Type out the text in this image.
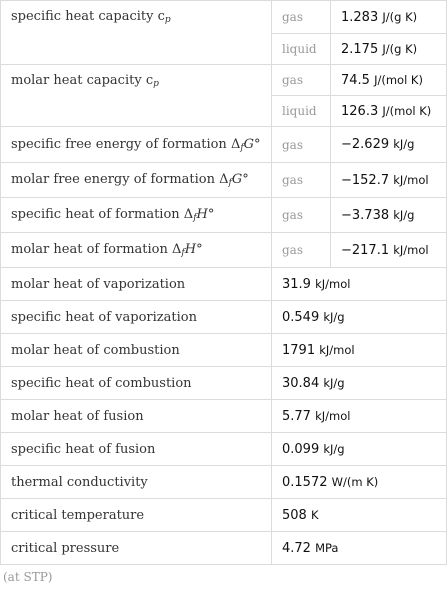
specific heat capacity $c_p$	gas	1.283 J/(g K)
	liquid	2.175 J/(g K)
molar heat capacity $c_p$	gas	74.5 J/(mol K)
	liquid	126.3 J/(mol K)
specific free energy of formation $\Delta_fG^\circ$	gas	−2.629 kJ/g
molar free energy of formation $\Delta_fG^\circ$	gas	−152.7 kJ/mol
specific heat of formation $\Delta_fH^\circ$	gas	−3.738 kJ/g
molar heat of formation $\Delta_fH^\circ$	gas	−217.1 kJ/mol
molar heat of vaporization	31.9 kJ/mol	
specific heat of vaporization	0.549 kJ/g	
molar heat of combustion	1791 kJ/mol	
specific heat of combustion	30.84 kJ/g	
molar heat of fusion	5.77 kJ/mol	
specific heat of fusion	0.099 kJ/g	
thermal conductivity	0.1572 W/(m K)	
critical temperature	508 K	
critical pressure	4.72 MPa	
(at STP)
